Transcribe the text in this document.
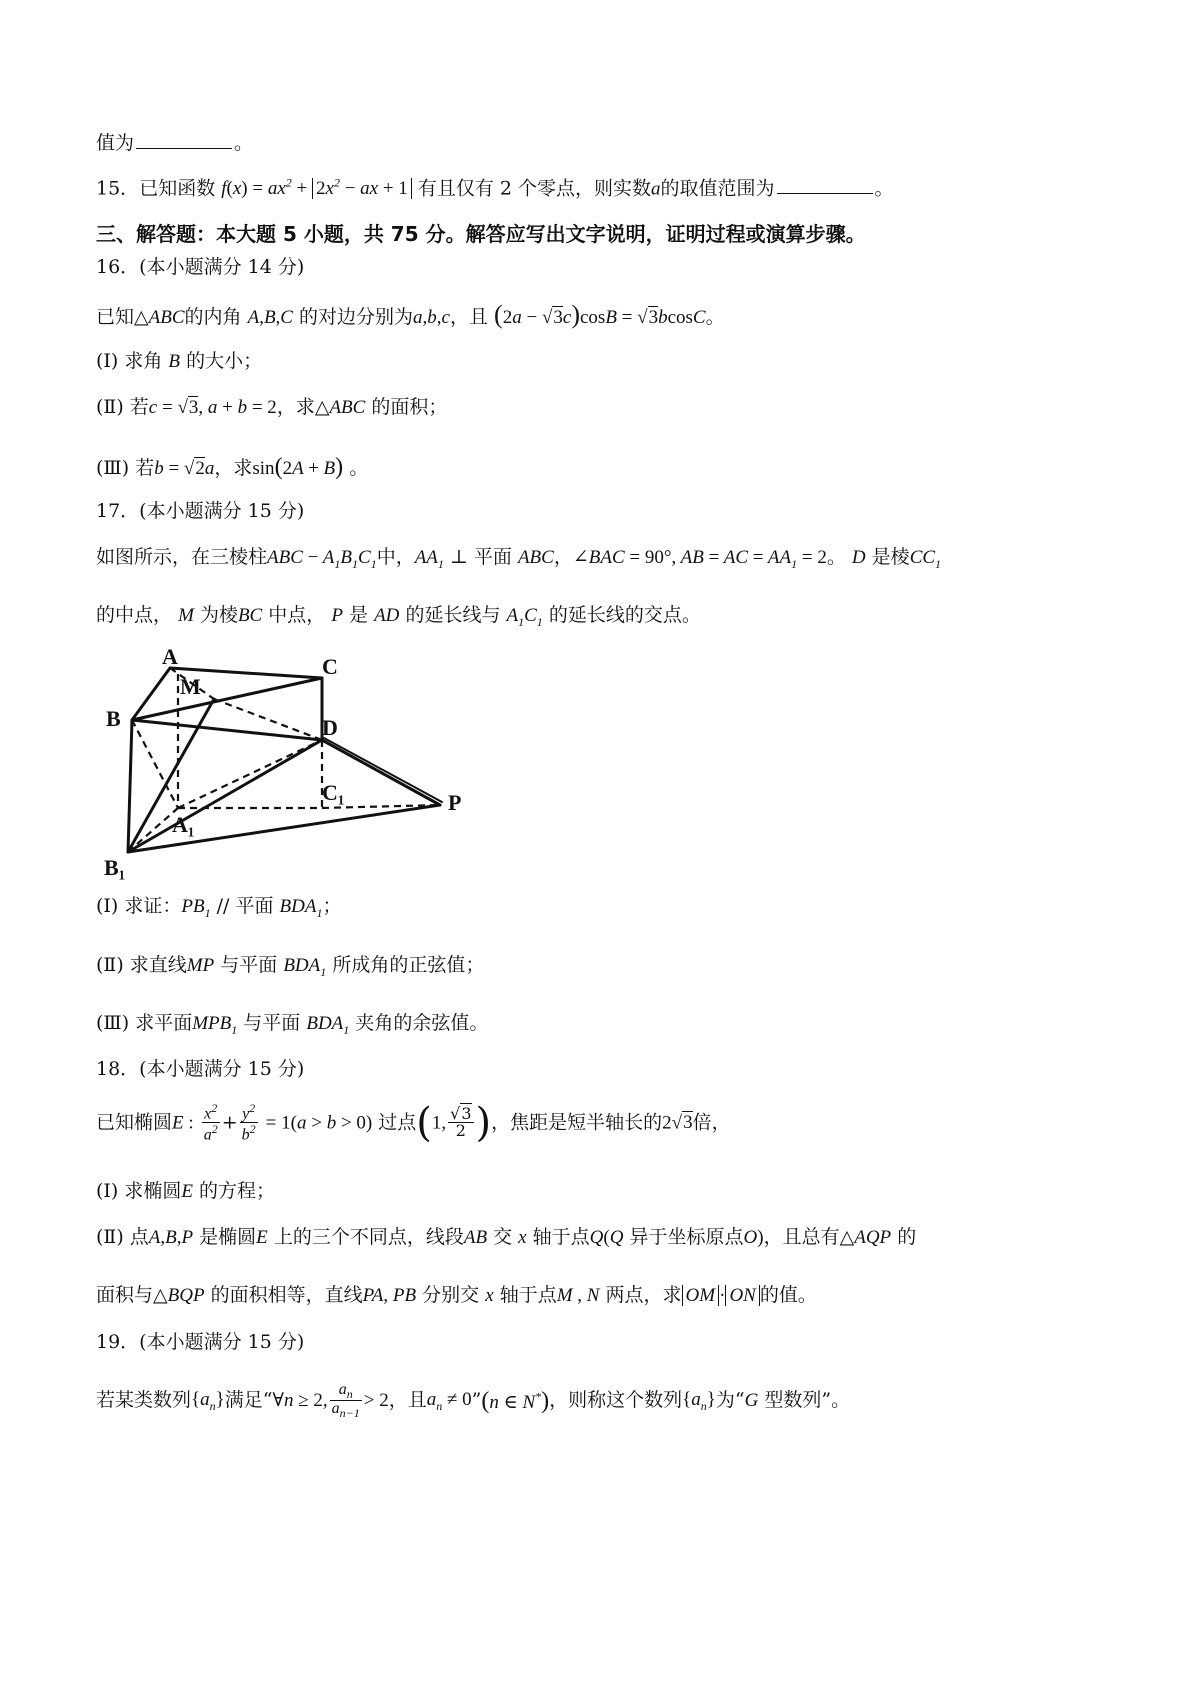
值为	。
15．已知函数 $f(x) = ax^2 + 2x^2$ − ax + 1 有且仅有 2 个零点，则实数a的取值范围为	。
三、解答题：本大题 5 小题，共 75 分。解答应写出文字说明，证明过程或演算步骤。
16．(本小题满分 14 分)
已知△ABC的内角 A,B,C 的对边分别为a,b,c，且 (2a − √3c)cosB = √3bcosC。
(Ⅰ) 求角 B 的大小；
(Ⅱ) 若c = √3, a + b = 2，求△ABC 的面积；
(Ⅲ) 若b = √2a，求sin(2A + B) 。
17．(本小题满分 15 分)
如图所示，在三棱柱ABC − $A_1B_1C_1$中，$AA_1$ ⊥ 平面 ABC，∠BAC = 90°, AB = AC = $AA_1 = 2$。 D 是棱$CC_1$
的中点， M 为棱BC 中点， P 是 AD 的延长线与 $A_1C_1$ 的延长线的交点。
A	C
M
B	D
C₁	P
A₁
B₁
(Ⅰ) 求证：$PB_1$ // 平面 $BDA_1$；
(Ⅱ) 求直线MP 与平面 $BDA_1$ 所成角的正弦值；
(Ⅲ) 求平面$MPB_1$ 与平面 $BDA_1$ 夹角的余弦值。
18．(本小题满分 15 分)
已知椭圆E : $\frac{x^2}{a^2} + \frac{y^2}{b^2} = 1(a > b > 0)$ 过点(1, $\frac{√3}{2}$ )，焦距是短半轴长的2√3倍，
(Ⅰ) 求椭圆E 的方程；
(Ⅱ) 点A,B,P 是椭圆E 上的三个不同点，线段AB 交 x 轴于点Q(Q 异于坐标原点O)，且总有△AQP 的
面积与△BQP 的面积相等，直线PA, PB 分别交 x 轴于点M , N 两点，求 OM · ON 的值。
19．(本小题满分 15 分)
若某类数列$\{a_n\}$满足“∀n ≥ 2, $\frac{a_n}{a_{n-1}} > 2$，且$a_n$ ≠ 0”(n ∈ N*)，则称这个数列$\{a_n\}$为“G 型数列”。
